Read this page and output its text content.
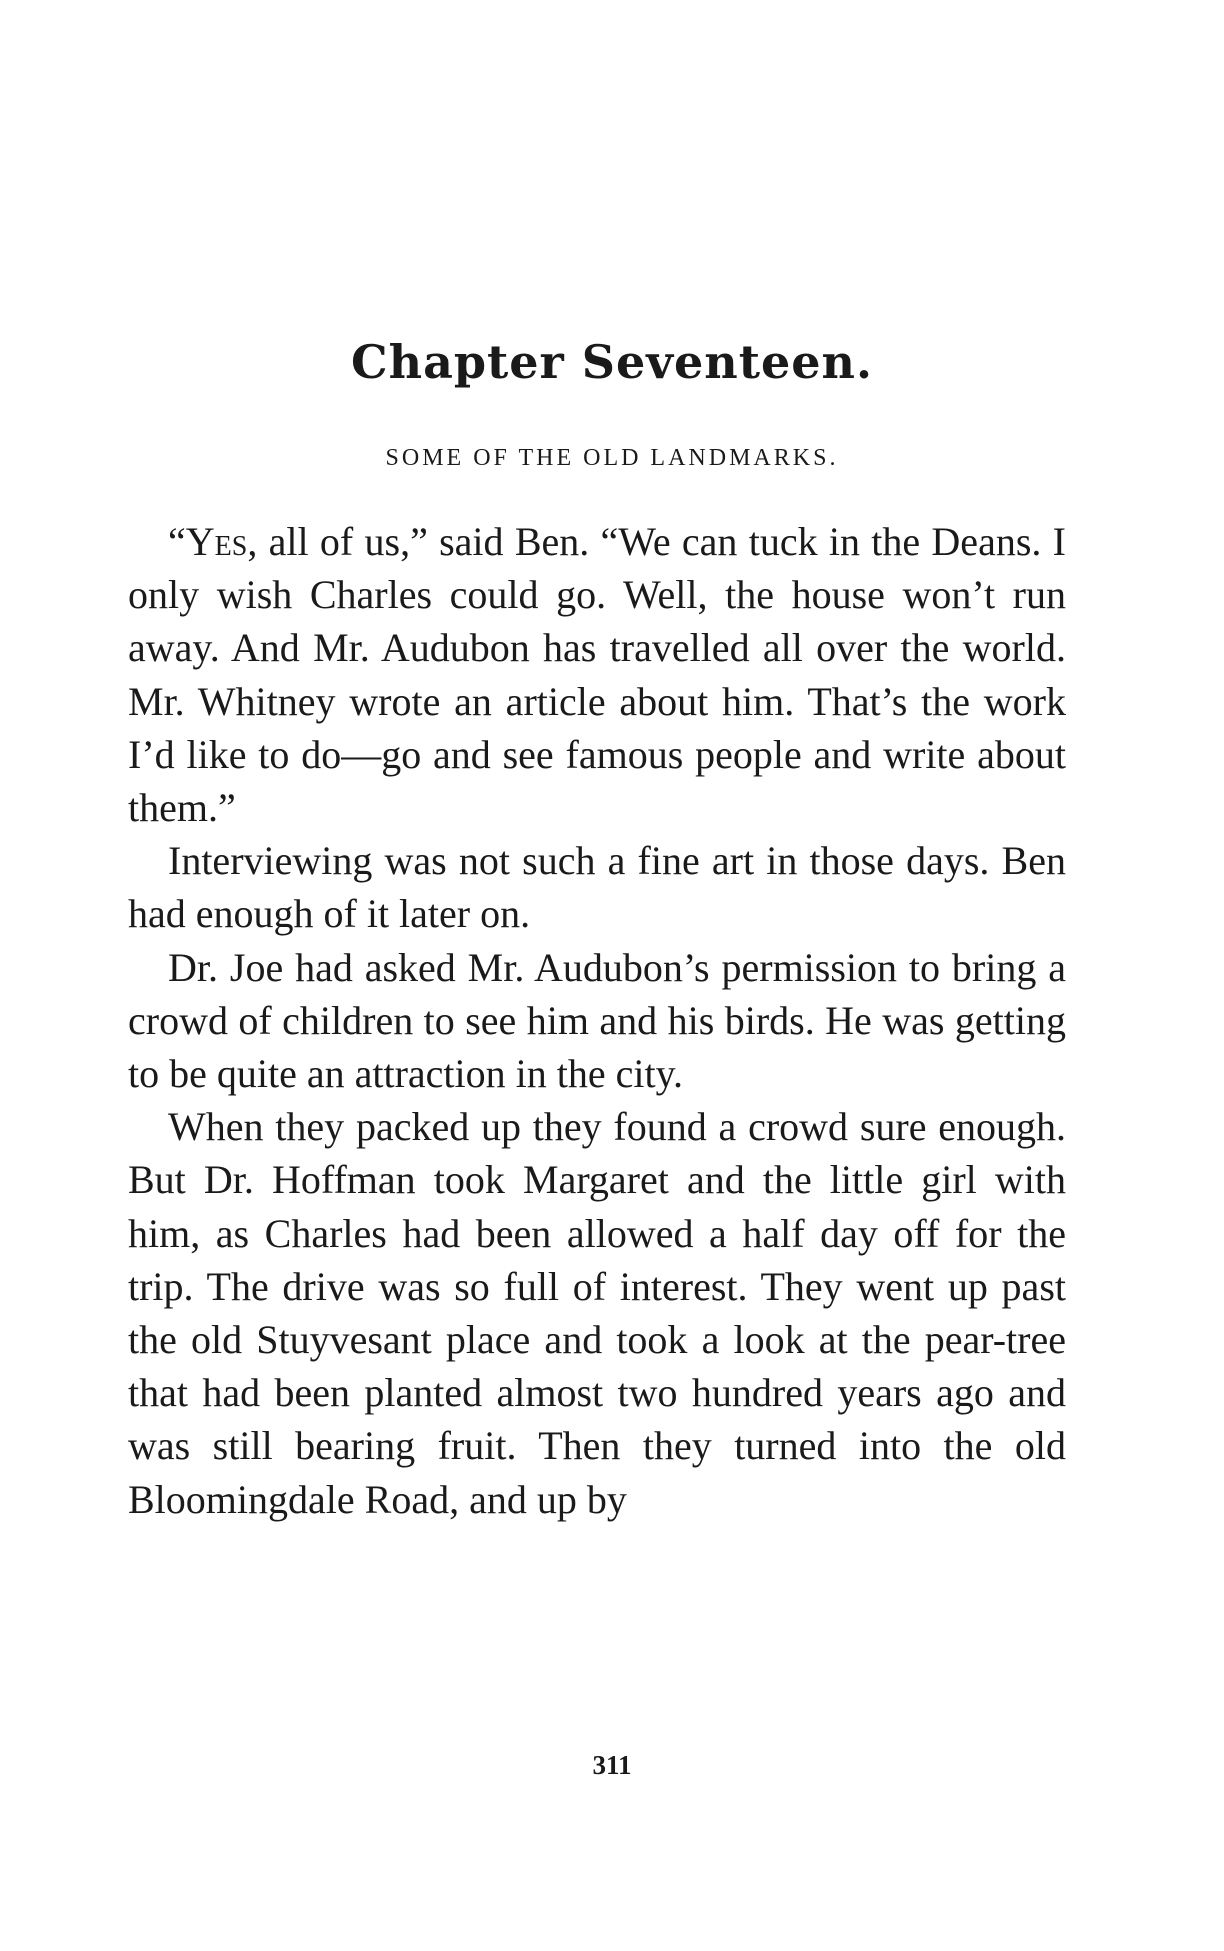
Chapter Seventeen.
SOME OF THE OLD LANDMARKS.

“Yes, all of us,” said Ben. “We can tuck in the Deans. I only wish Charles could go. Well, the house won’t run away. And Mr. Audubon has travelled all over the world. Mr. Whitney wrote an article about him. That’s the work I’d like to do—go and see famous people and write about them.”

Interviewing was not such a fine art in those days. Ben had enough of it later on.

Dr. Joe had asked Mr. Audubon’s permission to bring a crowd of children to see him and his birds. He was getting to be quite an attraction in the city.

When they packed up they found a crowd sure enough. But Dr. Hoffman took Margaret and the little girl with him, as Charles had been allowed a half day off for the trip. The drive was so full of interest. They went up past the old Stuyvesant place and took a look at the pear-tree that had been planted almost two hundred years ago and was still bearing fruit. Then they turned into the old Bloomingdale Road, and up by

311
